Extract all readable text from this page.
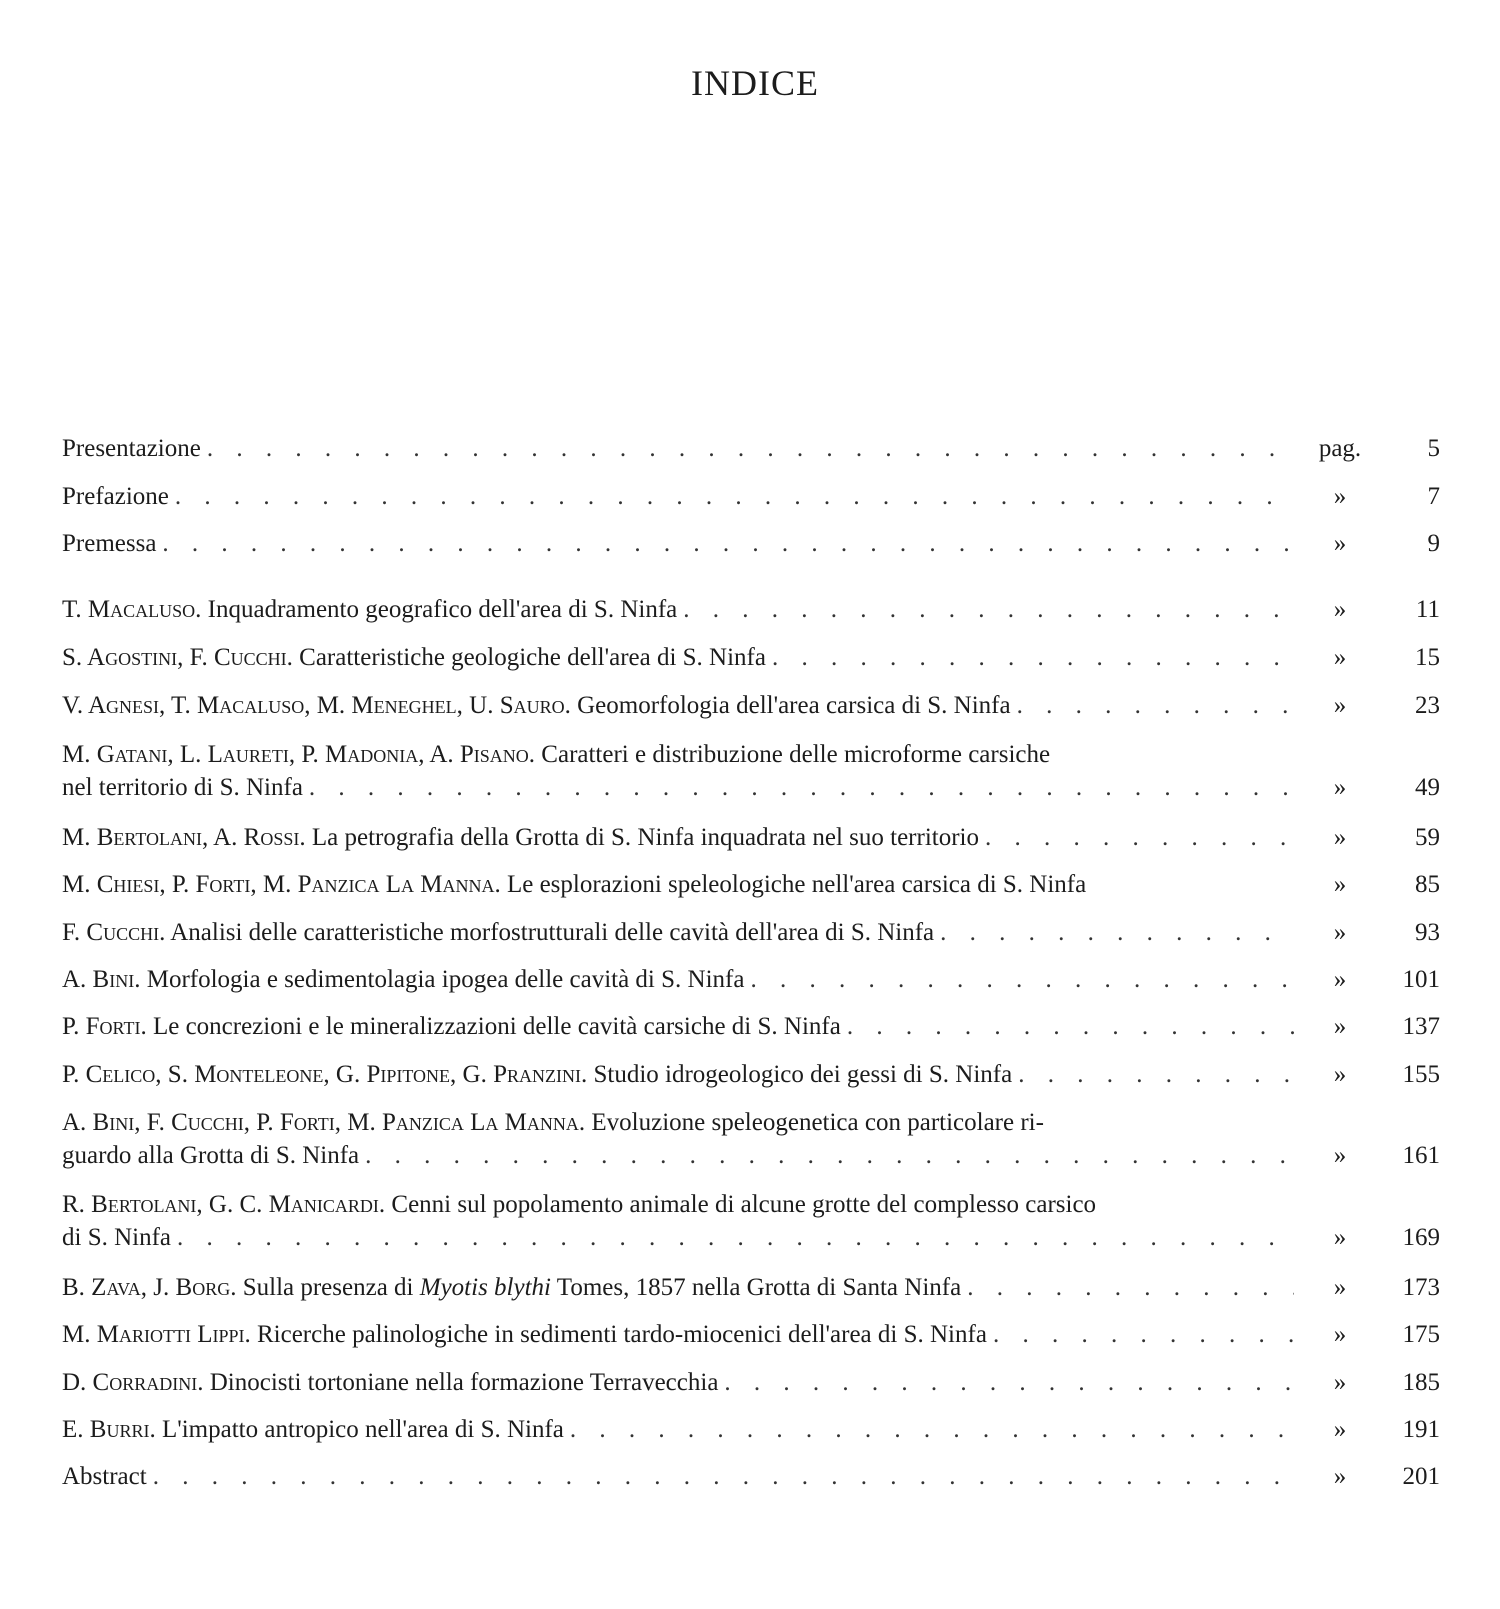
INDICE
Presentazione . . .	pag.	5
Prefazione . . .	»	7
Premessa . . .	»	9
T. Macaluso. Inquadramento geografico dell'area di S. Ninfa . . .	»	11
S. Agostini, F. Cucchi. Caratteristiche geologiche dell'area di S. Ninfa . . .	»	15
V. Agnesi, T. Macaluso, M. Meneghel, U. Sauro. Geomorfologia dell'area carsica di S. Ninfa . . .	»	23
M. Gatani, L. Laureti, P. Madonia, A. Pisano. Caratteri e distribuzione delle microforme carsiche
nel territorio di S. Ninfa . . .	»	49
M. Bertolani, A. Rossi. La petrografia della Grotta di S. Ninfa inquadrata nel suo territorio . . .	»	59
M. Chiesi, P. Forti, M. Panzica La Manna. Le esplorazioni speleologiche nell'area carsica di S. Ninfa	»	85
F. Cucchi. Analisi delle caratteristiche morfostrutturali delle cavità dell'area di S. Ninfa . . .	»	93
A. Bini. Morfologia e sedimentolagia ipogea delle cavità di S. Ninfa . . .	»	101
P. Forti. Le concrezioni e le mineralizzazioni delle cavità carsiche di S. Ninfa . . .	»	137
P. Celico, S. Monteleone, G. Pipitone, G. Pranzini. Studio idrogeologico dei gessi di S. Ninfa . . .	»	155
A. Bini, F. Cucchi, P. Forti, M. Panzica La Manna. Evoluzione speleogenetica con particolare ri-
guardo alla Grotta di S. Ninfa . . .	»	161
R. Bertolani, G. C. Manicardi. Cenni sul popolamento animale di alcune grotte del complesso carsico
di S. Ninfa . . .	»	169
B. Zava, J. Borg. Sulla presenza di Myotis blythi Tomes, 1857 nella Grotta di Santa Ninfa . . .	»	173
M. Mariotti Lippi. Ricerche palinologiche in sedimenti tardo-miocenici dell'area di S. Ninfa . . .	»	175
D. Corradini. Dinocisti tortoniane nella formazione Terravecchia . . .	»	185
E. Burri. L'impatto antropico nell'area di S. Ninfa . . .	»	191
Abstract . . .	»	201
